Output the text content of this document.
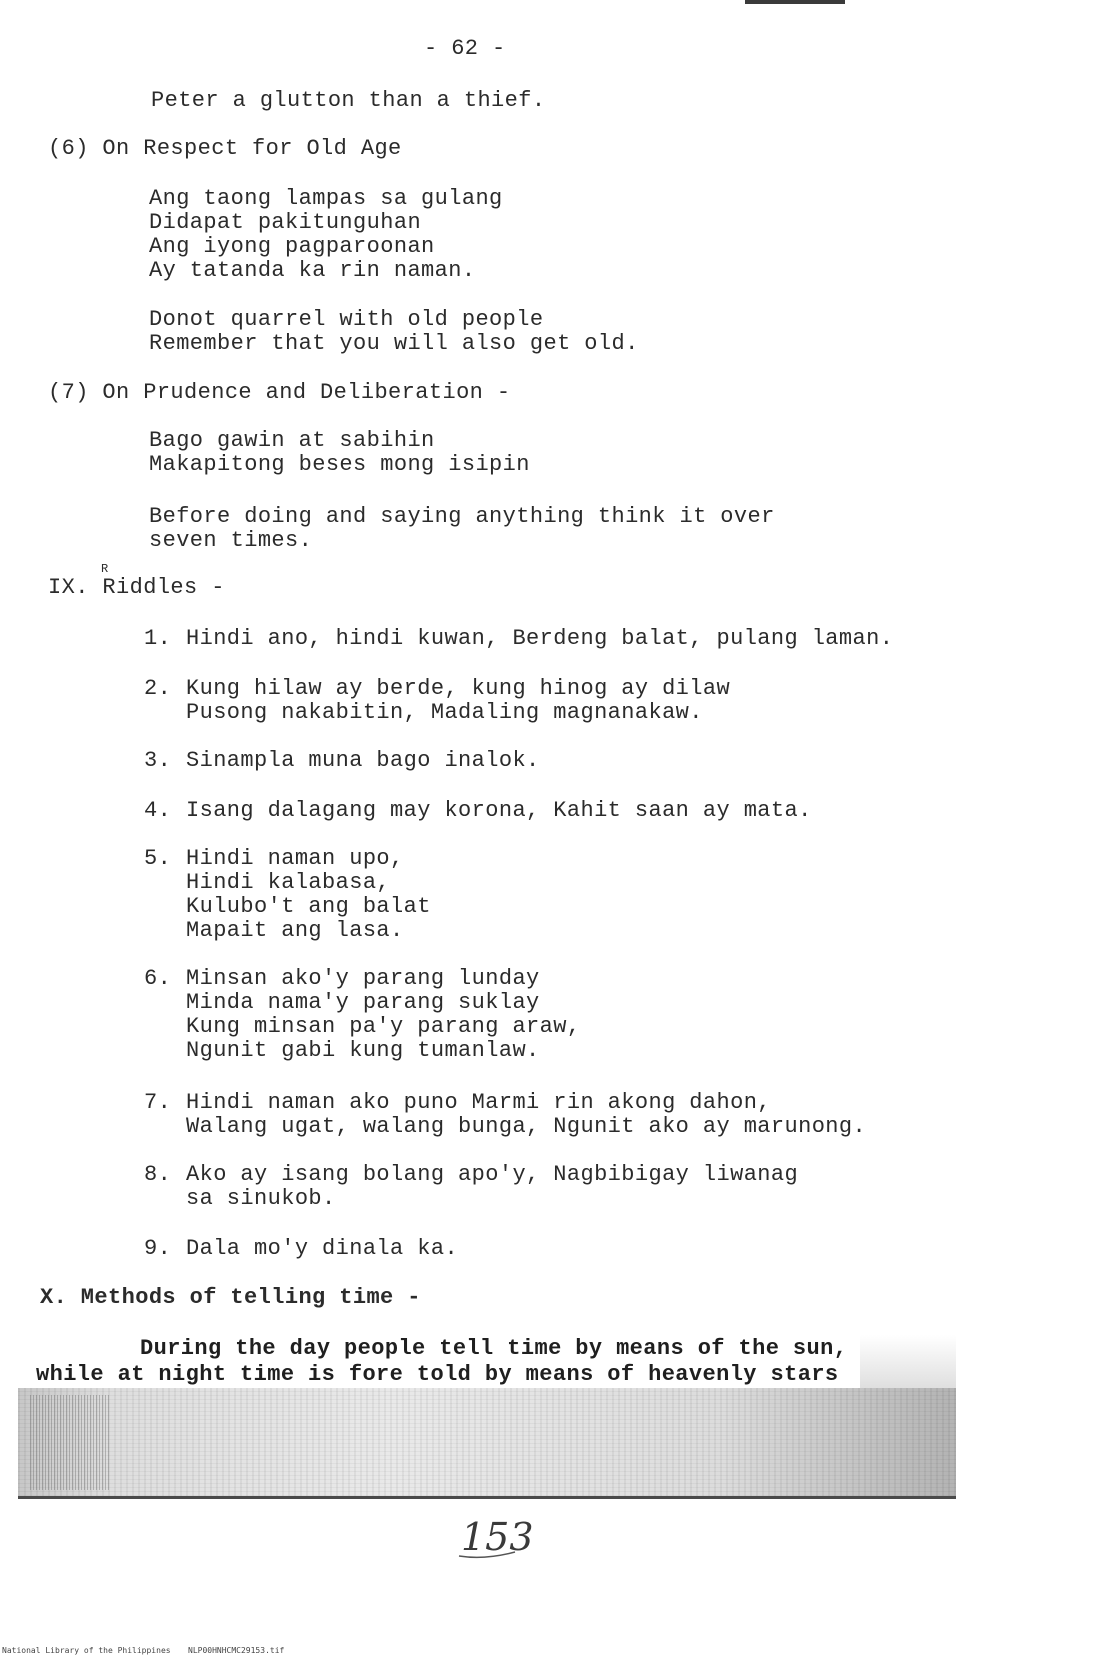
- 62 -
Peter a glutton than a thief.
(6) On Respect for Old Age
Ang taong lampas sa gulang
Didapat pakitunguhan
Ang iyong pagparoonan
Ay tatanda ka rin naman.
Donot quarrel with old people
Remember that you will also get old.
(7) On Prudence and Deliberation -
Bago gawin at sabihin
Makapitong beses mong isipin
Before doing and saying anything think it over
seven times.
IX. Riddles -
R
1. Hindi ano, hindi kuwan, Berdeng balat, pulang laman.
2. Kung hilaw ay berde, kung hinog ay dilaw
Pusong nakabitin, Madaling magnanakaw.
3. Sinampla muna bago inalok.
4. Isang dalagang may korona, Kahit saan ay mata.
5. Hindi naman upo,
Hindi kalabasa,
Kulubo't ang balat
Mapait ang lasa.
6. Minsan ako'y parang lunday
Minda nama'y parang suklay
Kung minsan pa'y parang araw,
Ngunit gabi kung tumanlaw.
7. Hindi naman ako puno Marmi rin akong dahon,
Walang ugat, walang bunga, Ngunit ako ay marunong.
8. Ako ay isang bolang apo'y, Nagbibigay liwanag
sa sinukob.
9. Dala mo'y dinala ka.
X. Methods of telling time -
During the day people tell time by means of the sun,
while at night time is fore told by means of heavenly stars
153
National Library of the Philippines NLP00HNHCMC29153.tif
